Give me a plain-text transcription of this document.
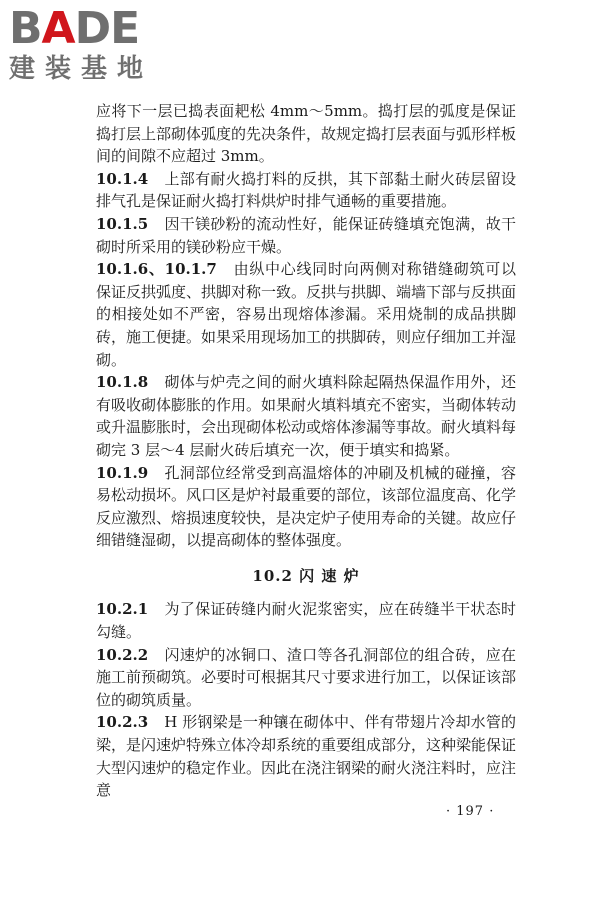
BADE
建装基地

应将下一层已捣表面耙松 4mm～5mm。捣打层的弧度是保证捣打层上部砌体弧度的先决条件，故规定捣打层表面与弧形样板间的间隙不应超过 3mm。

10.1.4 上部有耐火捣打料的反拱，其下部黏土耐火砖层留设排气孔是保证耐火捣打料烘炉时排气通畅的重要措施。

10.1.5 因干镁砂粉的流动性好，能保证砖缝填充饱满，故干砌时所采用的镁砂粉应干燥。

10.1.6、10.1.7 由纵中心线同时向两侧对称错缝砌筑可以保证反拱弧度、拱脚对称一致。反拱与拱脚、端墙下部与反拱面的相接处如不严密，容易出现熔体渗漏。采用烧制的成品拱脚砖，施工便捷。如果采用现场加工的拱脚砖，则应仔细加工并湿砌。

10.1.8 砌体与炉壳之间的耐火填料除起隔热保温作用外，还有吸收砌体膨胀的作用。如果耐火填料填充不密实，当砌体转动或升温膨胀时，会出现砌体松动或熔体渗漏等事故。耐火填料每砌完 3 层～4 层耐火砖后填充一次，便于填实和捣紧。

10.1.9 孔洞部位经常受到高温熔体的冲刷及机械的碰撞，容易松动损坏。风口区是炉衬最重要的部位，该部位温度高、化学反应激烈、熔损速度较快，是决定炉子使用寿命的关键。故应仔细错缝湿砌，以提高砌体的整体强度。

10.2 闪 速 炉

10.2.1 为了保证砖缝内耐火泥浆密实，应在砖缝半干状态时勾缝。

10.2.2 闪速炉的冰铜口、渣口等各孔洞部位的组合砖，应在施工前预砌筑。必要时可根据其尺寸要求进行加工，以保证该部位的砌筑质量。

10.2.3 H 形钢梁是一种镶在砌体中、伴有带翅片冷却水管的梁，是闪速炉特殊立体冷却系统的重要组成部分，这种梁能保证大型闪速炉的稳定作业。因此在浇注钢梁的耐火浇注料时，应注意

· 197 ·
